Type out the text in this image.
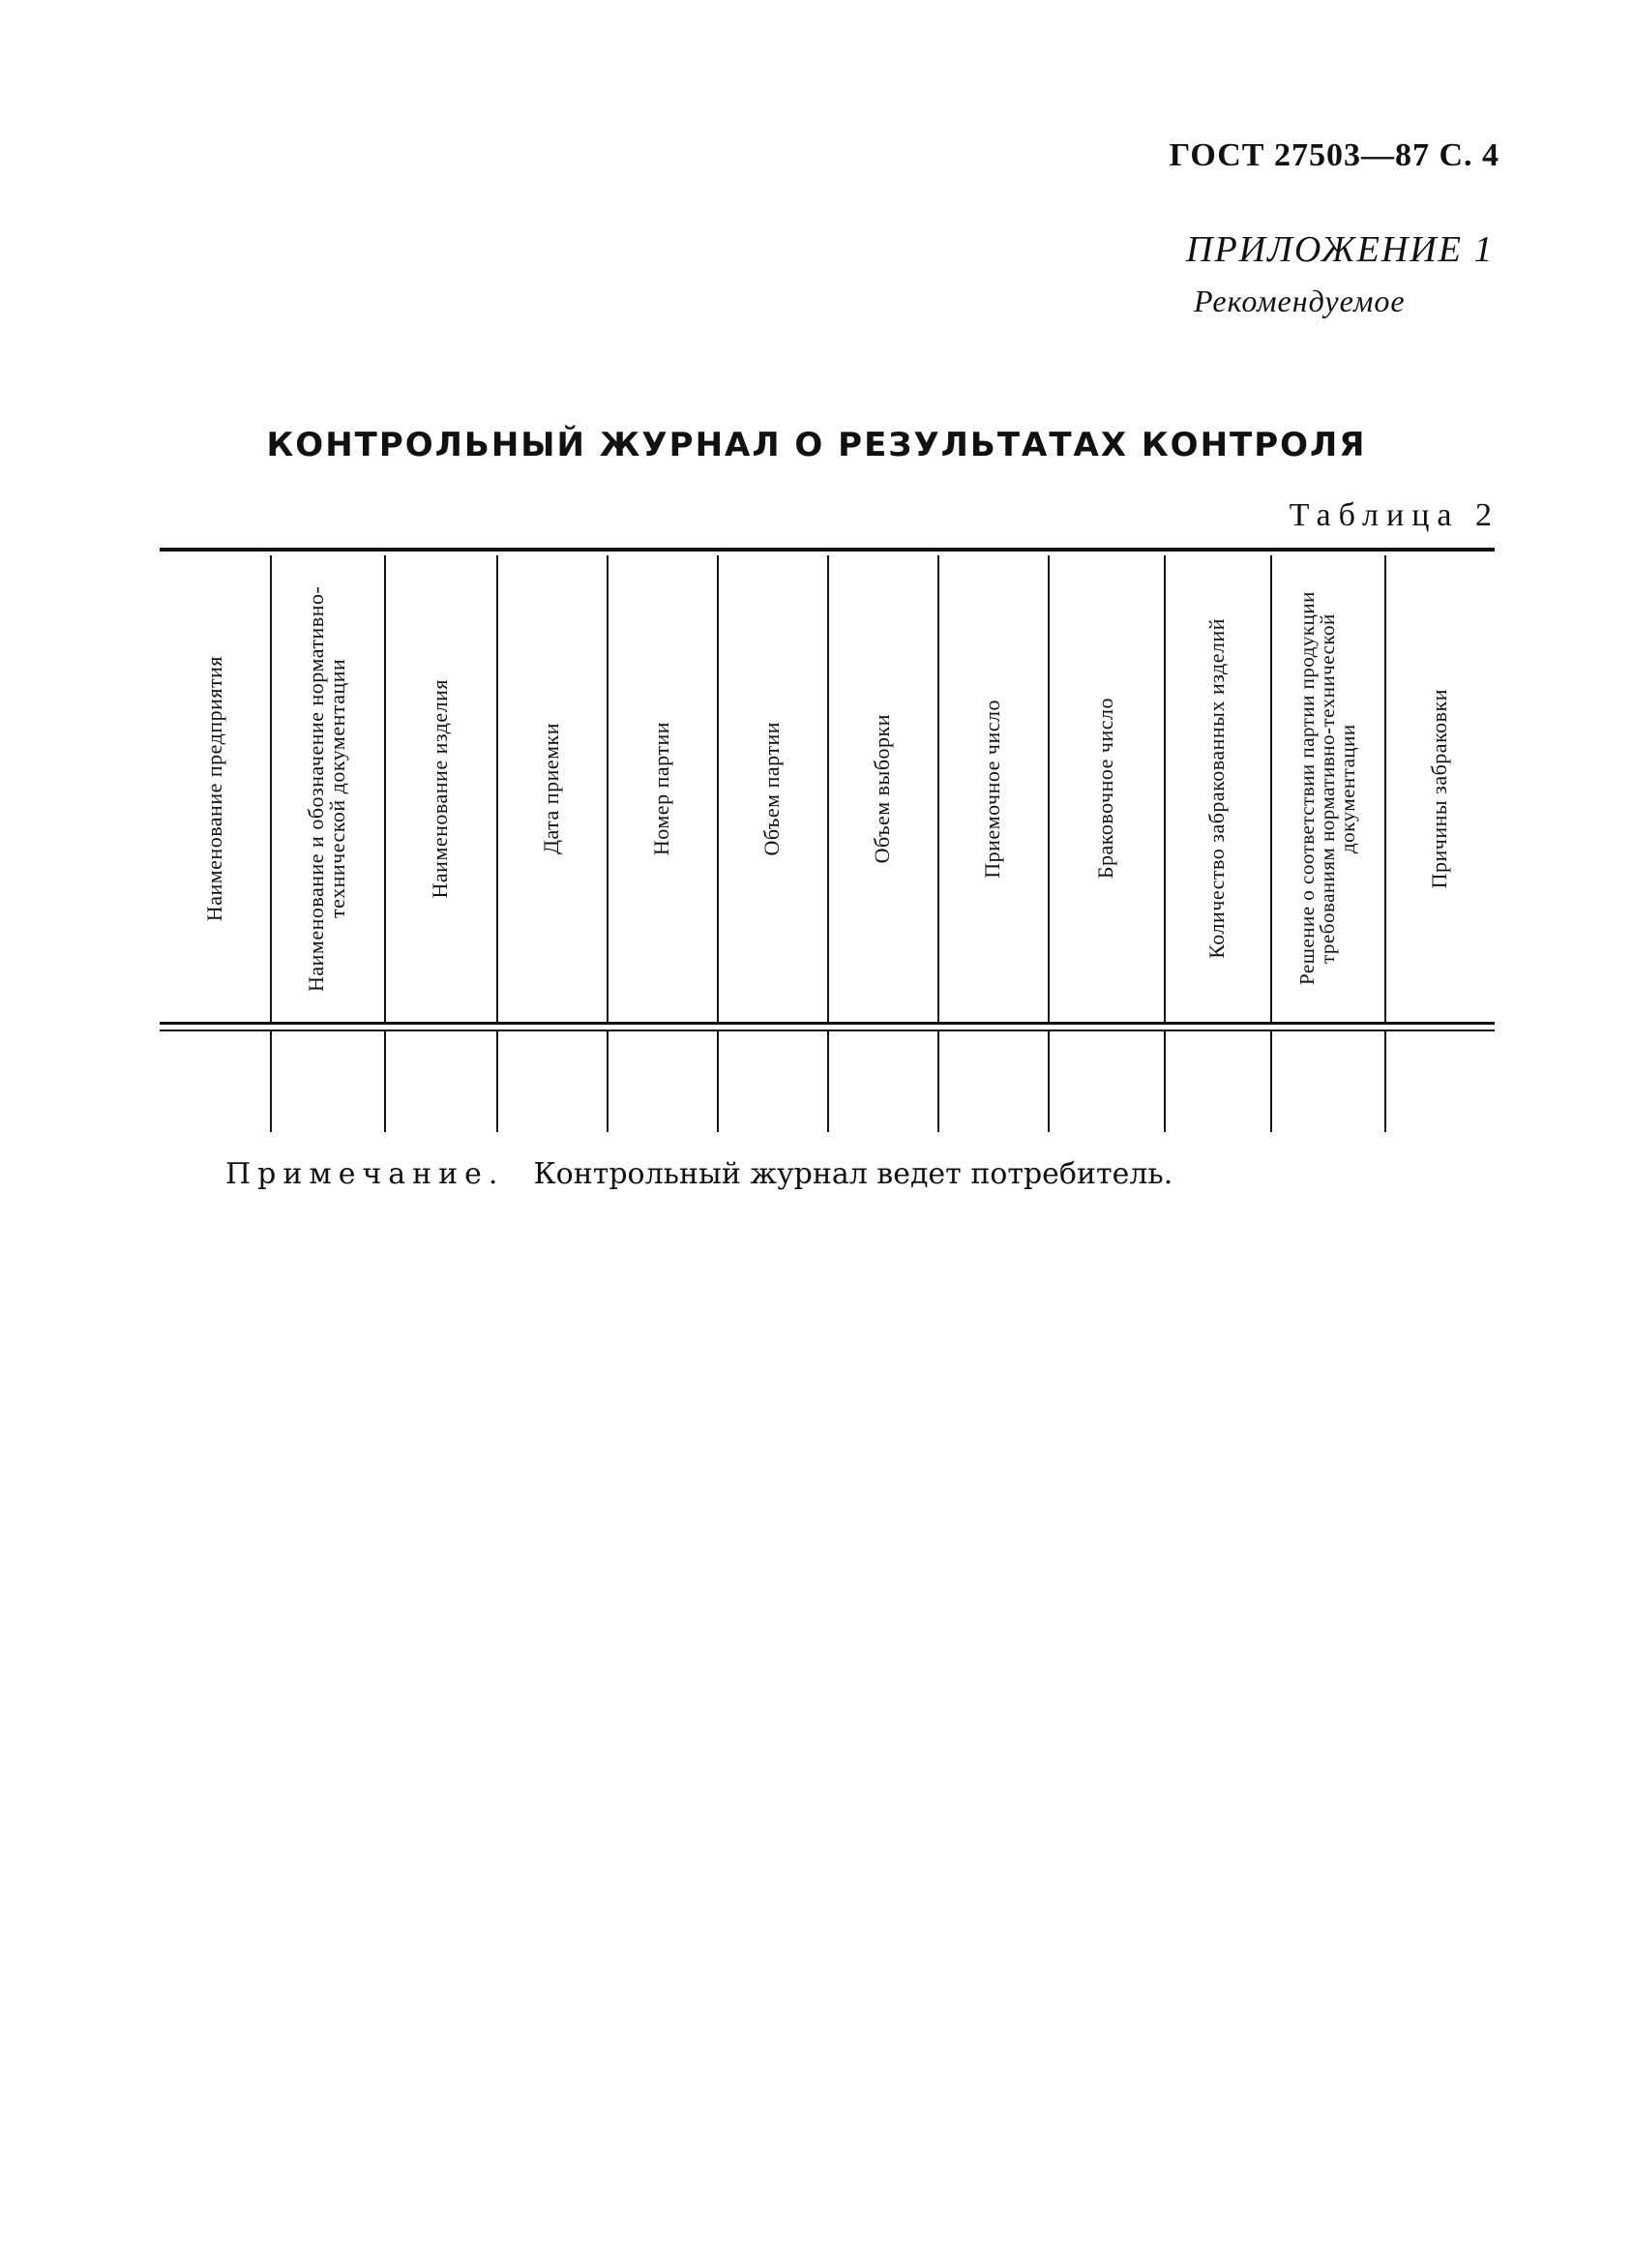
ГОСТ 27503—87 С. 4
ПРИЛОЖЕНИЕ 1
Рекомендуемое
КОНТРОЛЬНЫЙ ЖУРНАЛ О РЕЗУЛЬТАТАХ КОНТРОЛЯ
Таблица 2
Наименование предприятия	Наименование и обозначение нормативно-технической документации	Наименование изделия	Дата приемки	Номер партии	Объем партии	Объем выборки	Приемочное число	Браковочное число	Количество забракованных изделий	Решение о соответствии партии продукции требованиям нормативно-технической документации	Причины забраковки
Примечание. Контрольный журнал ведет потребитель.
